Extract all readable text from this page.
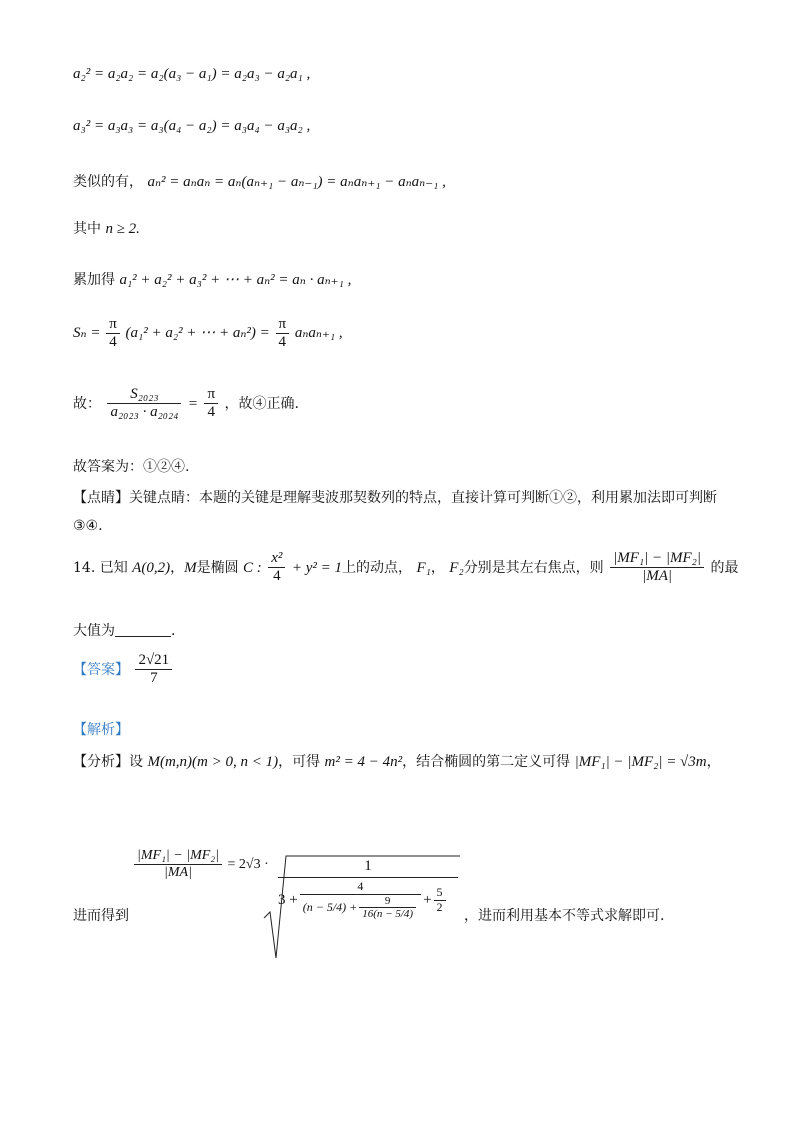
a₂² = a₂a₂ = a₂(a₃ − a₁) = a₂a₃ − a₂a₁ ,
a₃² = a₃a₃ = a₃(a₄ − a₂) = a₃a₄ − a₃a₂ ,
类似的有， aₙ² = aₙaₙ = aₙ(aₙ₊₁ − aₙ₋₁) = aₙaₙ₊₁ − aₙaₙ₋₁ ,
其中 n ≥ 2.
累加得 a₁² + a₂² + a₃² + ⋯ + aₙ² = aₙ · aₙ₊₁ ,
$S_n = \frac{\pi}{4} (a_1^2 + a_2^2$ + ⋯ + $a_n^2) = \frac{\pi}{4} a_na_{n+1}$ ,
故： $\frac{\text{S₂₀₂₃}}{\text{a₂₀₂₃ · a₂₀₂₄}} = \frac{\pi}{4}$ ，故④正确.
故答案为：①②④.
【点睛】关键点睛：本题的关键是理解斐波那契数列的特点，直接计算可判断①②，利用累加法即可判断
③④.
14. 已知 A(0,2)，M是椭圆 C : $\frac{\text{x²}}{4} + y^2 = 1$上的动点， F₁， F₂分别是其左右焦点，则 $\frac{\text{|MF₁| − |MF₂|}}{|MA|}$ 的最
大值为	.
【答案】 $\frac{2√21}{7}$
【解析】
【分析】设 M(m,n)(m > 0, n < 1)，可得 m² = 4 − 4n²，结合椭圆的第二定义可得 |MF₁| − |MF₂| = √3m，
进而得到
$\frac{\text{|MF₁| − |MF₂|}}{|MA|} = 2√3$ ·	1
$3 + \frac{4}{(n - 5/4) + \frac{9}{16(n - 5/4)}} + \frac{5}{2}$
，进而利用基本不等式求解即可.
